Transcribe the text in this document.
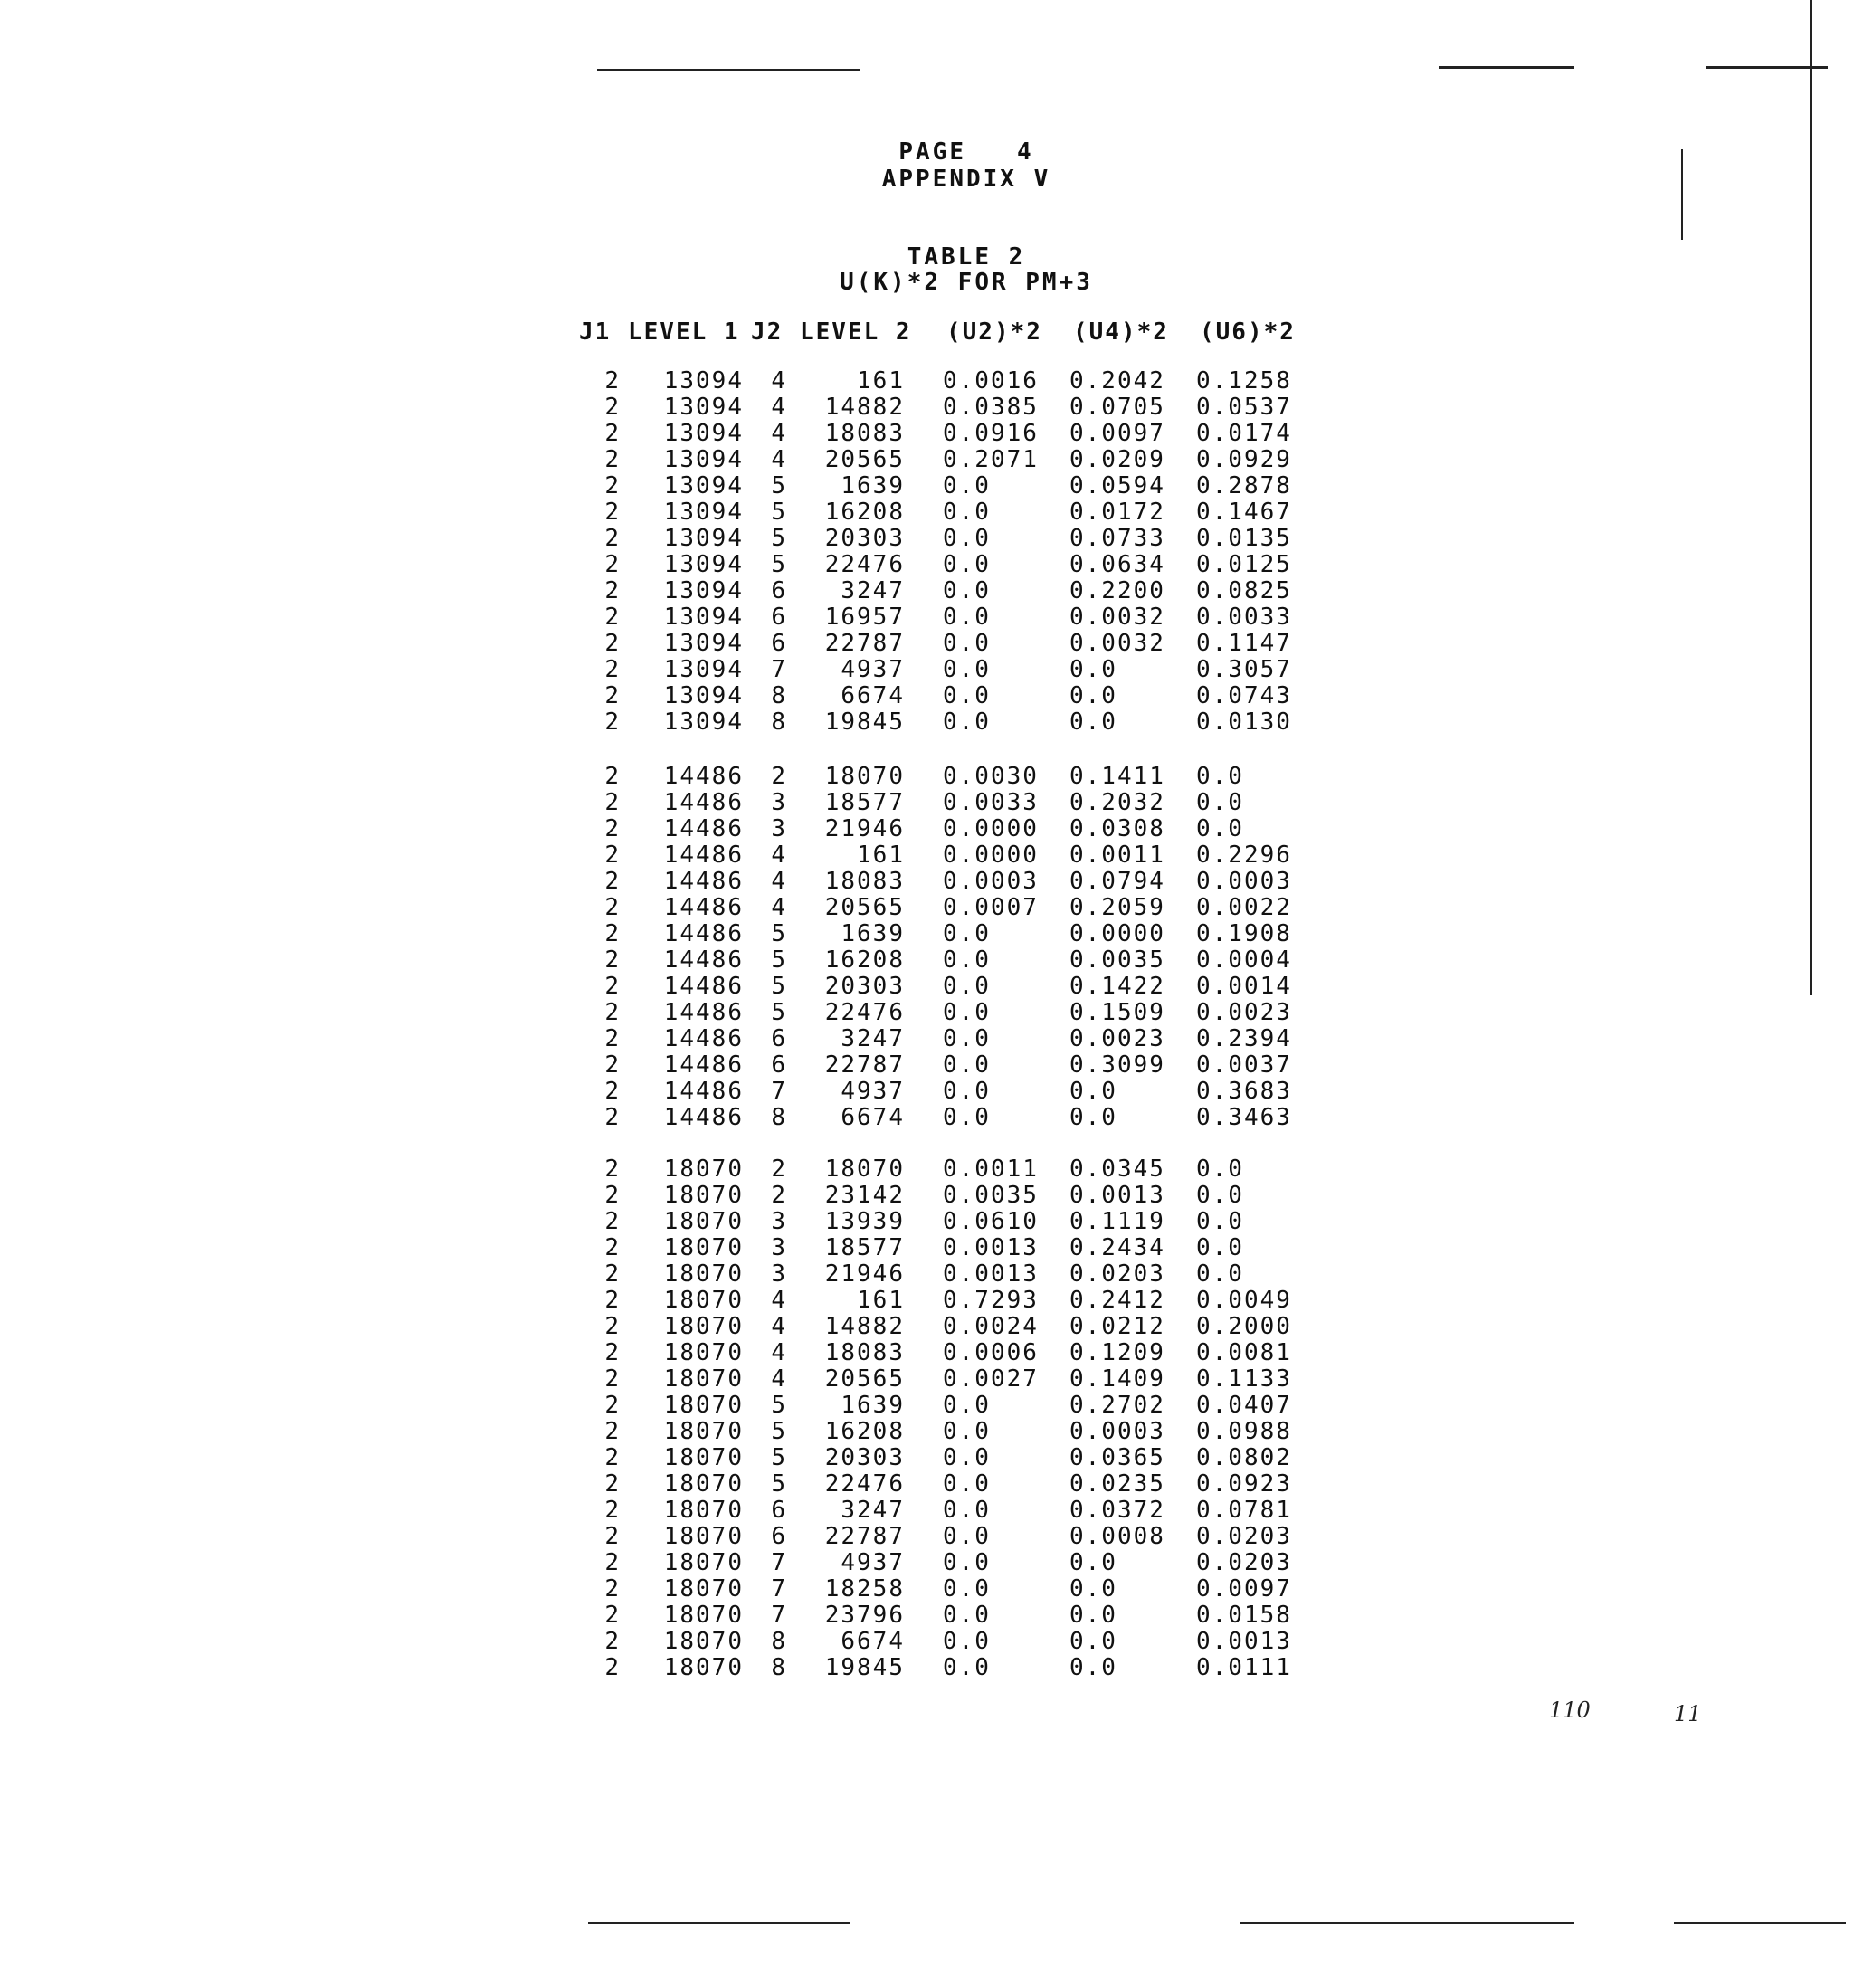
PAGE   4
APPENDIX V
TABLE 2
U(K)*2 FOR PM+3
J1 LEVEL 1 J2 LEVEL 2 (U2)*2 (U4)*2 (U6)*2
2	13094 4	161 0.0016 0.2042 0.1258
2	13094 4	14882 0.0385 0.0705 0.0537
2	13094 4	18083 0.0916 0.0097 0.0174
2	13094 4	20565 0.2071 0.0209 0.0929
2	13094 5	1639 0.0	0.0594 0.2878
2	13094 5	16208 0.0	0.0172 0.1467
2	13094 5	20303 0.0	0.0733 0.0135
2	13094 5	22476 0.0	0.0634 0.0125
2	13094 6	3247 0.0	0.2200 0.0825
2	13094 6	16957 0.0	0.0032 0.0033
2	13094 6	22787 0.0	0.0032 0.1147
2	13094 7	4937 0.0	0.0	0.3057
2	13094 8	6674 0.0	0.0	0.0743
2	13094 8	19845 0.0	0.0	0.0130
2	14486 2	18070 0.0030 0.1411 0.0
2	14486 3	18577 0.0033 0.2032 0.0
2	14486 3	21946 0.0000 0.0308 0.0
2	14486 4	161 0.0000 0.0011 0.2296
2	14486 4	18083 0.0003 0.0794 0.0003
2	14486 4	20565 0.0007 0.2059 0.0022
2	14486 5	1639 0.0	0.0000 0.1908
2	14486 5	16208 0.0	0.0035 0.0004
2	14486 5	20303 0.0	0.1422 0.0014
2	14486 5	22476 0.0	0.1509 0.0023
2	14486 6	3247 0.0	0.0023 0.2394
2	14486 6	22787 0.0	0.3099 0.0037
2	14486 7	4937 0.0	0.0	0.3683
2	14486 8	6674 0.0	0.0	0.3463
2	18070 2	18070 0.0011 0.0345 0.0
2	18070 2	23142 0.0035 0.0013 0.0
2	18070 3	13939 0.0610 0.1119 0.0
2	18070 3	18577 0.0013 0.2434 0.0
2	18070 3	21946 0.0013 0.0203 0.0
2	18070 4	161 0.7293 0.2412 0.0049
2	18070 4	14882 0.0024 0.0212 0.2000
2	18070 4	18083 0.0006 0.1209 0.0081
2	18070 4	20565 0.0027 0.1409 0.1133
2	18070 5	1639 0.0	0.2702 0.0407
2	18070 5	16208 0.0	0.0003 0.0988
2	18070 5	20303 0.0	0.0365 0.0802
2	18070 5	22476 0.0	0.0235 0.0923
2	18070 6	3247 0.0	0.0372 0.0781
2	18070 6	22787 0.0	0.0008 0.0203
2	18070 7	4937 0.0	0.0	0.0203
2	18070 7	18258 0.0	0.0	0.0097
2	18070 7	23796 0.0	0.0	0.0158
2	18070 8	6674 0.0	0.0	0.0013
2	18070 8	19845 0.0	0.0	0.0111
110	11
